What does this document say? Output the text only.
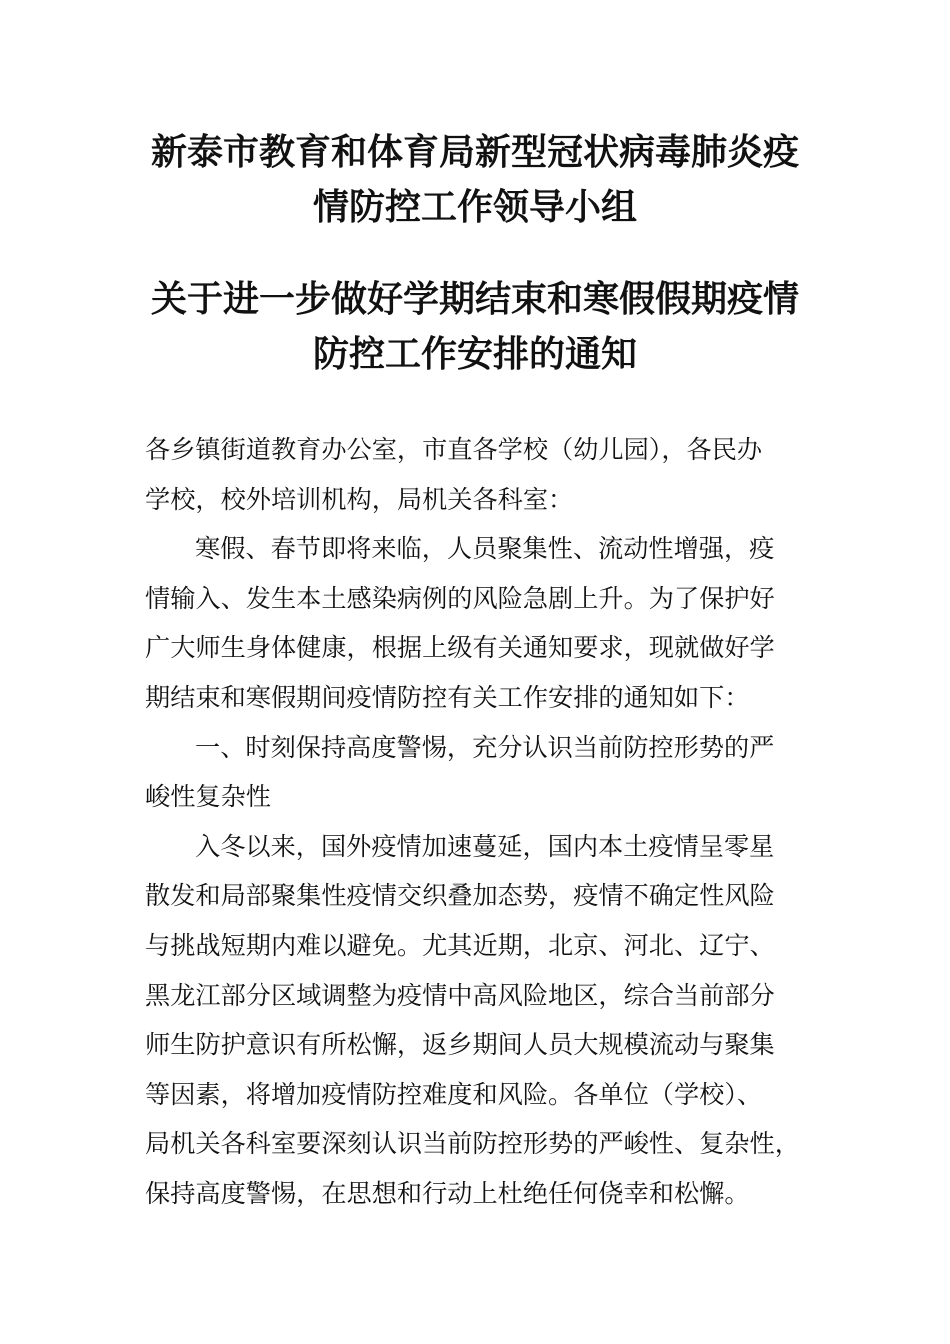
新泰市教育和体育局新型冠状病毒肺炎疫
情防控工作领导小组
关于进一步做好学期结束和寒假假期疫情
防控工作安排的通知
各乡镇街道教育办公室，市直各学校（幼儿园），各民办
学校，校外培训机构，局机关各科室：
寒假、春节即将来临，人员聚集性、流动性增强，疫
情输入、发生本土感染病例的风险急剧上升。为了保护好
广大师生身体健康，根据上级有关通知要求，现就做好学
期结束和寒假期间疫情防控有关工作安排的通知如下：
一、时刻保持高度警惕，充分认识当前防控形势的严
峻性复杂性
入冬以来，国外疫情加速蔓延，国内本土疫情呈零星
散发和局部聚集性疫情交织叠加态势，疫情不确定性风险
与挑战短期内难以避免。尤其近期，北京、河北、辽宁、
黑龙江部分区域调整为疫情中高风险地区，综合当前部分
师生防护意识有所松懈，返乡期间人员大规模流动与聚集
等因素，将增加疫情防控难度和风险。各单位（学校）、
局机关各科室要深刻认识当前防控形势的严峻性、复杂性，
保持高度警惕，在思想和行动上杜绝任何侥幸和松懈。
